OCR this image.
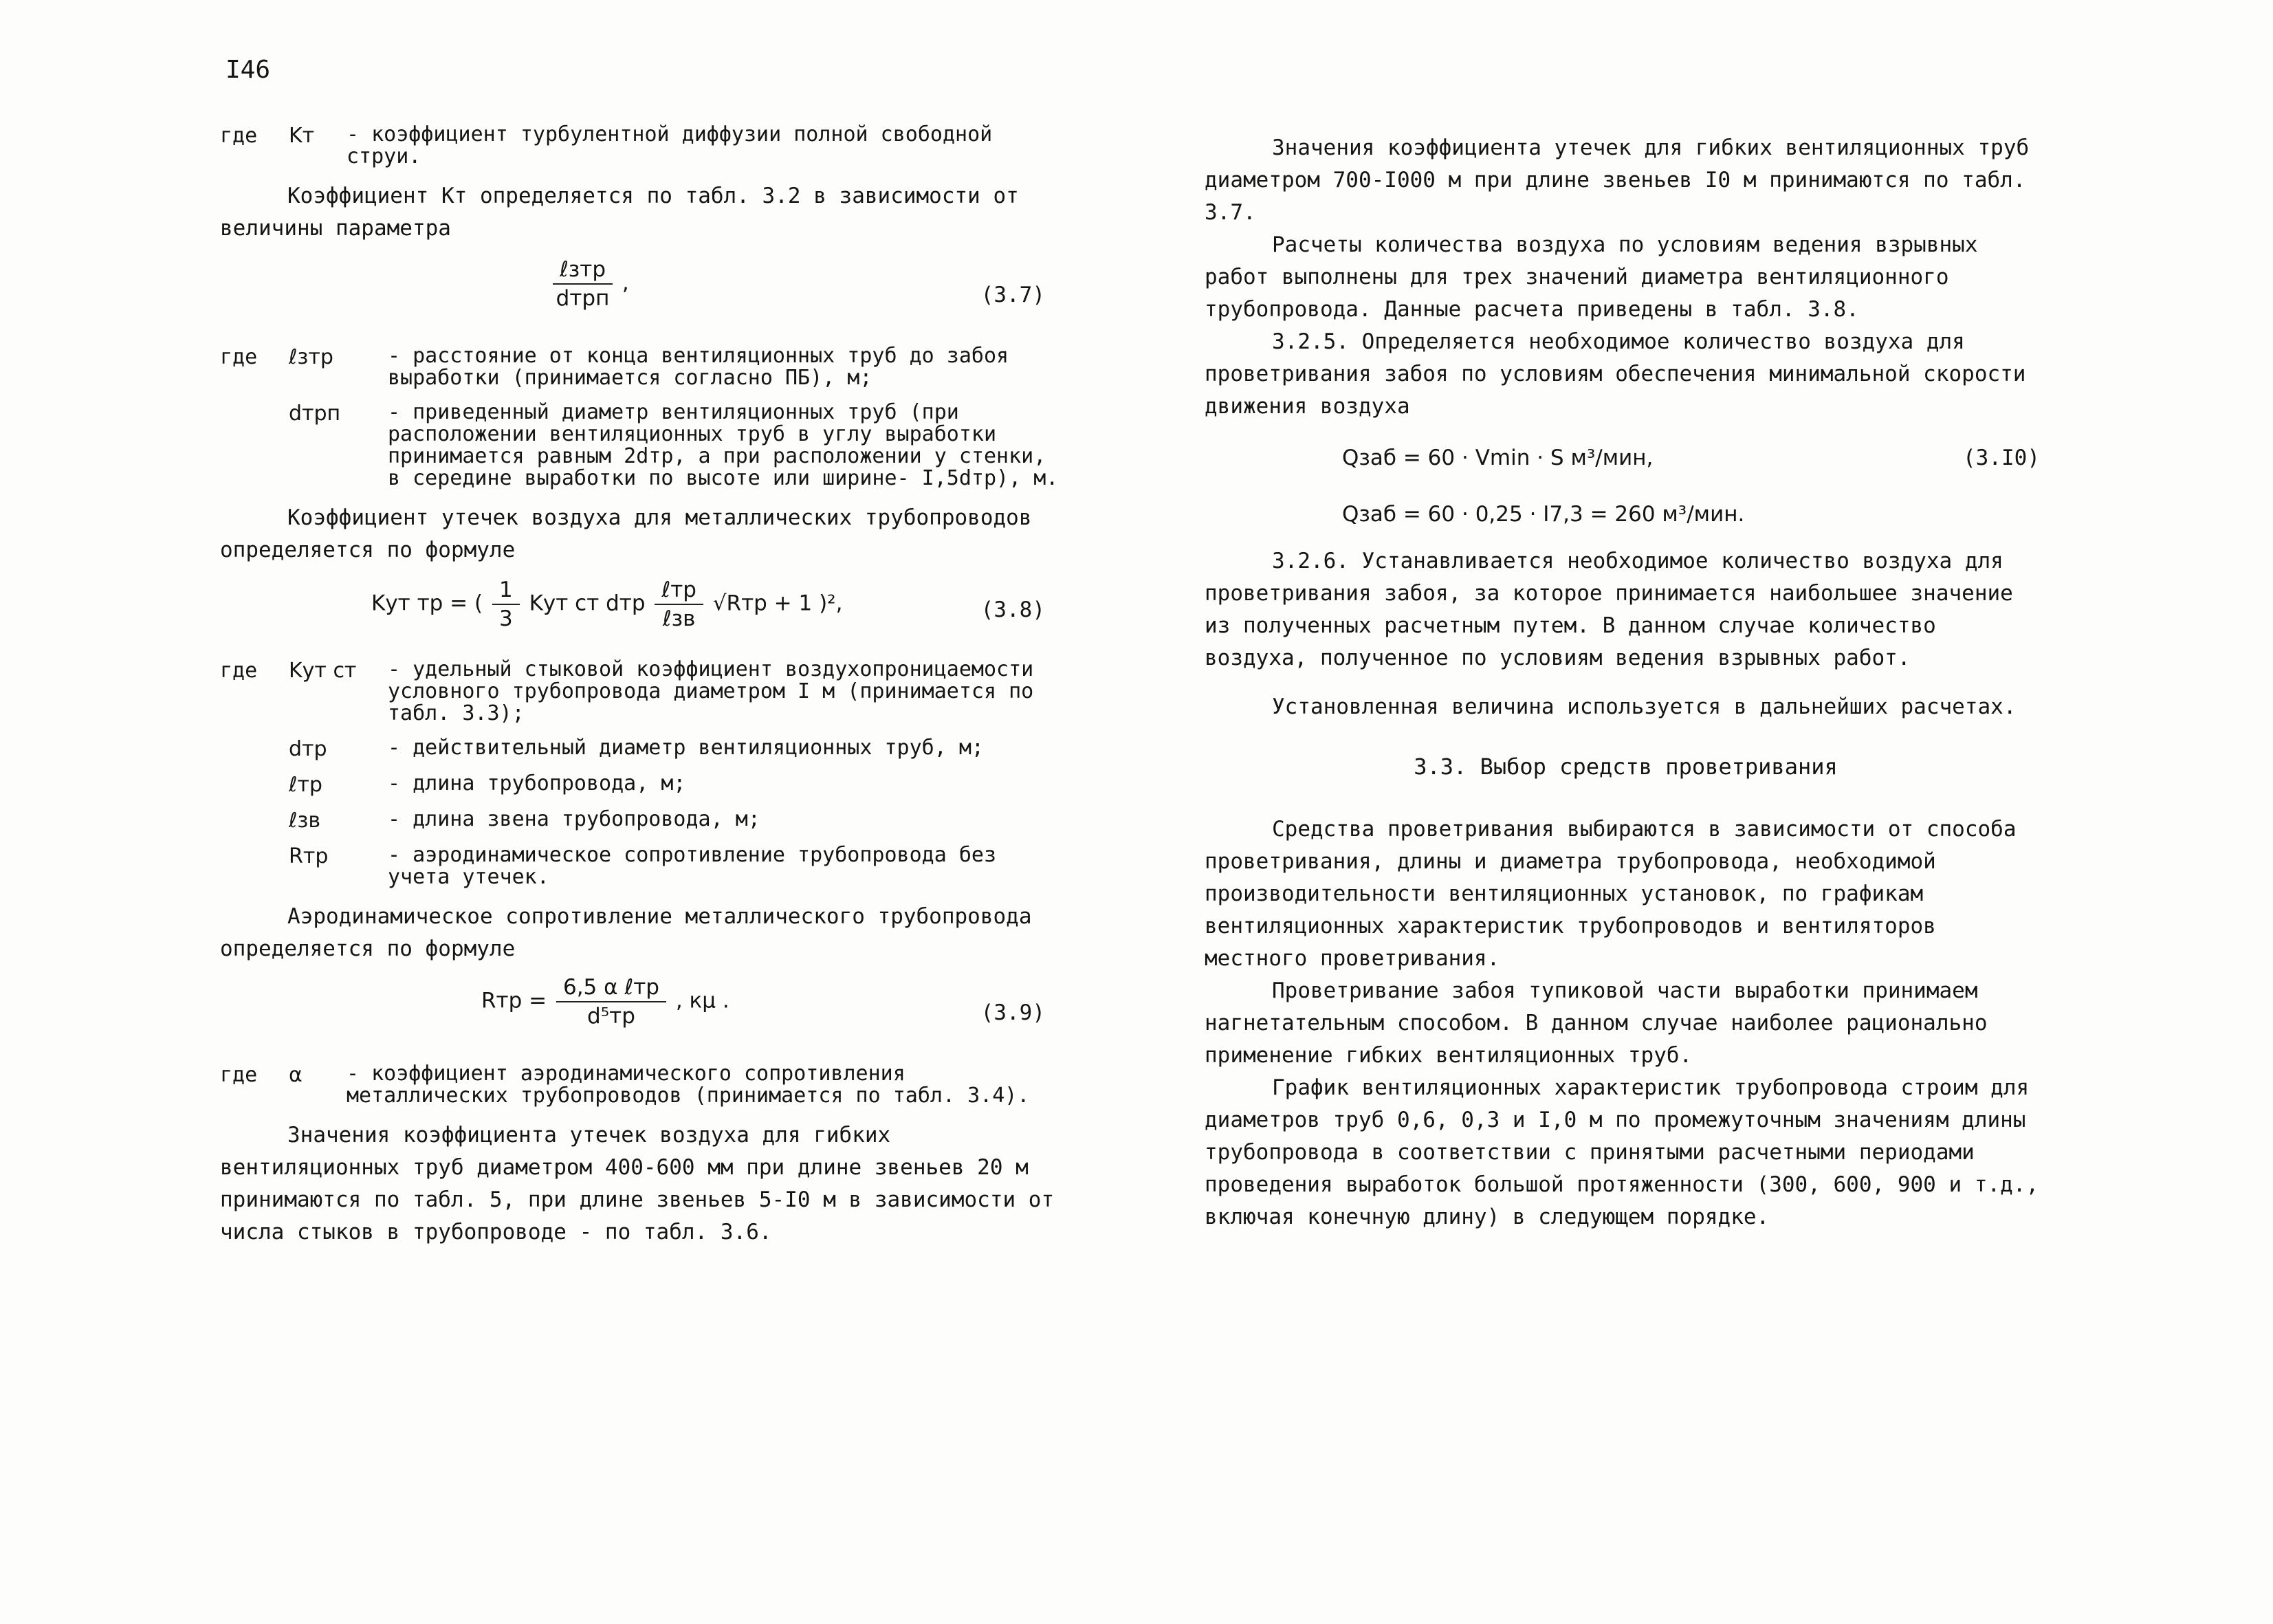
I46
где	Kт	- коэффициент турбулентной диффузии полной свободной струи.

Коэффициент Kт определяется по табл. 3.2 в зависимости от величины параметра

$\frac{\text{ℓзтр}}{\text{dтрп}}$ ,	(3.7)
где	ℓзтр	- расстояние от конца вентиляционных труб до забоя выработки (принимается согласно ПБ), м;
	dтрп	- приведенный диаметр вентиляционных труб (при расположении вентиляционных труб в углу выработки принимается равным 2dтр, а при расположении у стенки, в середине выработки по высоте или ширине- I,5dтр), м.

Коэффициент утечек воздуха для металлических трубопроводов определяется по формуле

Kут тр = ( $\frac{1}{3}$ Kут ст dтр $\frac{\text{ℓтр}}{\text{ℓзв}} √Rтр + 1$ )²,	(3.8)
где	Kут ст	- удельный стыковой коэффициент воздухопроницаемости условного трубопровода диаметром I м (принимается по табл. 3.3);
	dтр	- действительный диаметр вентиляционных труб, м;
	ℓтр	- длина трубопровода, м;
	ℓзв	- длина звена трубопровода, м;
	Rтр	- аэродинамическое сопротивление трубопровода без учета утечек.

Аэродинамическое сопротивление металлического трубопровода определяется по формуле

Rтр = $\frac{\text{6,5 α ℓтр}}{\text{d⁵тр}}$ , кμ .	(3.9)
где	α	- коэффициент аэродинамического сопротивления металлических трубопроводов (принимается по табл. 3.4).

Значения коэффициента утечек воздуха для гибких вентиляционных труб диаметром 400-600 мм при длине звеньев 20 м принимаются по табл. 5, при длине звеньев 5-I0 м в зависимости от числа стыков в трубопроводе - по табл. 3.6.

Значения коэффициента утечек для гибких вентиляционных труб диаметром 700-I000 м при длине звеньев I0 м принимаются по табл. 3.7.

Расчеты количества воздуха по условиям ведения взрывных работ выполнены для трех значений диаметра вентиляционного трубопровода. Данные расчета приведены в табл. 3.8.

3.2.5. Определяется необходимое количество воздуха для проветривания забоя по условиям обеспечения минимальной скорости движения воздуха

Qзаб = 60 · Vmin · S м³/мин,	(3.I0)
Qзаб = 60 · 0,25 · I7,3 = 260 м³/мин.

3.2.6. Устанавливается необходимое количество воздуха для проветривания забоя, за которое принимается наибольшее значение из полученных расчетным путем. В данном случае количество воздуха, полученное по условиям ведения взрывных работ.

Установленная величина используется в дальнейших расчетах.

3.3. Выбор средств проветривания

Средства проветривания выбираются в зависимости от способа проветривания, длины и диаметра трубопровода, необходимой производительности вентиляционных установок, по графикам вентиляционных характеристик трубопроводов и вентиляторов местного проветривания.

Проветривание забоя тупиковой части выработки принимаем нагнетательным способом. В данном случае наиболее рационально применение гибких вентиляционных труб.

График вентиляционных характеристик трубопровода строим для диаметров труб 0,6, 0,3 и I,0 м по промежуточным значениям длины трубопровода в соответствии с принятыми расчетными периодами проведения выработок большой протяженности (300, 600, 900 и т.д., включая конечную длину) в следующем порядке.
